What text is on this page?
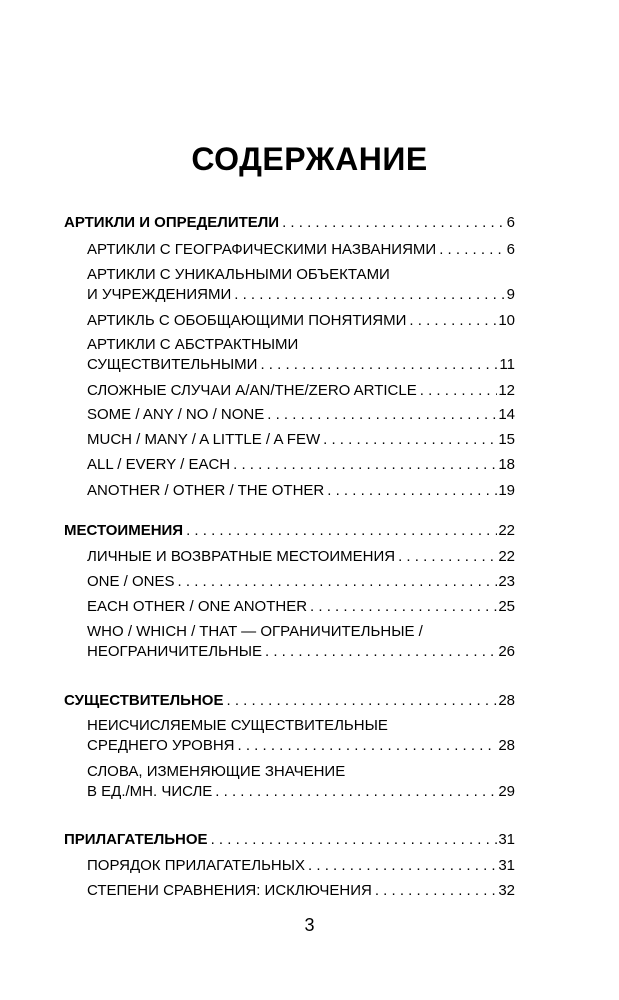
СОДЕРЖАНИЕ
АРТИКЛИ И ОПРЕДЕЛИТЕЛИ . . .	6
АРТИКЛИ С ГЕОГРАФИЧЕСКИМИ НАЗВАНИЯМИ . . .	6
АРТИКЛИ С УНИКАЛЬНЫМИ ОБЪЕКТАМИ
И УЧРЕЖДЕНИЯМИ . . .	9
АРТИКЛЬ С ОБОБЩАЮЩИМИ ПОНЯТИЯМИ . . .	10
АРТИКЛИ С АБСТРАКТНЫМИ
СУЩЕСТВИТЕЛЬНЫМИ . . .	11
СЛОЖНЫЕ СЛУЧАИ A/AN/THE/ZERO ARTICLE . . .	12
SOME / ANY / NO / NONE . . .	14
MUCH / MANY / A LITTLE / A FEW . . .	15
ALL / EVERY / EACH . . .	18
ANOTHER / OTHER / THE OTHER . . .	19
МЕСТОИМЕНИЯ . . .	22
ЛИЧНЫЕ И ВОЗВРАТНЫЕ МЕСТОИМЕНИЯ . . .	22
ONE / ONES . . .	23
EACH OTHER / ONE ANOTHER . . .	25
WHO / WHICH / THAT — ОГРАНИЧИТЕЛЬНЫЕ /
НЕОГРАНИЧИТЕЛЬНЫЕ . . .	26
СУЩЕСТВИТЕЛЬНОЕ . . .	28
НЕИСЧИСЛЯЕМЫЕ СУЩЕСТВИТЕЛЬНЫЕ
СРЕДНЕГО УРОВНЯ . . .	28
СЛОВА, ИЗМЕНЯЮЩИЕ ЗНАЧЕНИЕ
В ЕД./МН. ЧИСЛЕ . . .	29
ПРИЛАГАТЕЛЬНОЕ . . .	31
ПОРЯДОК ПРИЛАГАТЕЛЬНЫХ . . .	31
СТЕПЕНИ СРАВНЕНИЯ: ИСКЛЮЧЕНИЯ . . .	32
3
